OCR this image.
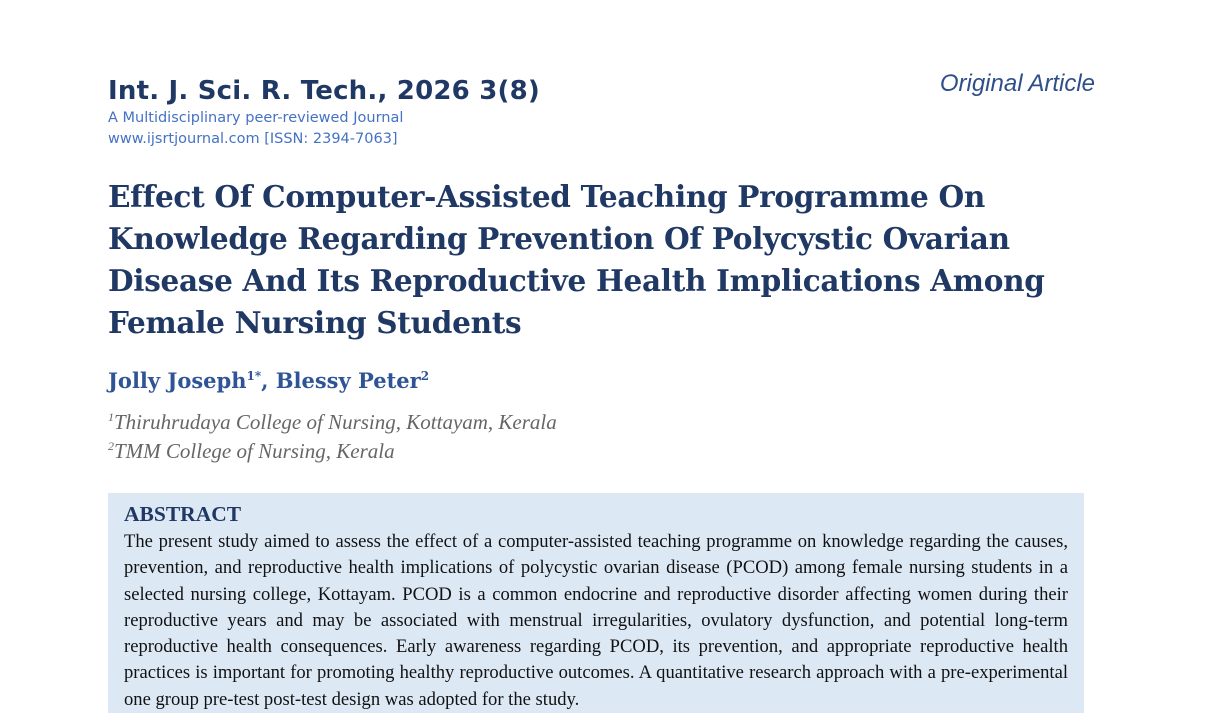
Int. J. Sci. R. Tech., 2026 3(8)
A Multidisciplinary peer-reviewed Journal
www.ijsrtjournal.com [ISSN: 2394-7063]
Original Article
Effect Of Computer-Assisted Teaching Programme On Knowledge Regarding Prevention Of Polycystic Ovarian Disease And Its Reproductive Health Implications Among Female Nursing Students
Jolly Joseph$^{1*}$, Blessy Peter$^2$
$^1$Thiruhrudaya College of Nursing, Kottayam, Kerala
$^2$TMM College of Nursing, Kerala
ABSTRACT
The present study aimed to assess the effect of a computer-assisted teaching programme on knowledge regarding the causes, prevention, and reproductive health implications of polycystic ovarian disease (PCOD) among female nursing students in a selected nursing college, Kottayam. PCOD is a common endocrine and reproductive disorder affecting women during their reproductive years and may be associated with menstrual irregularities, ovulatory dysfunction, and potential long-term reproductive health consequences. Early awareness regarding PCOD, its prevention, and appropriate reproductive health practices is important for promoting healthy reproductive outcomes. A quantitative research approach with a pre-experimental one group pre-test post-test design was adopted for the study.
